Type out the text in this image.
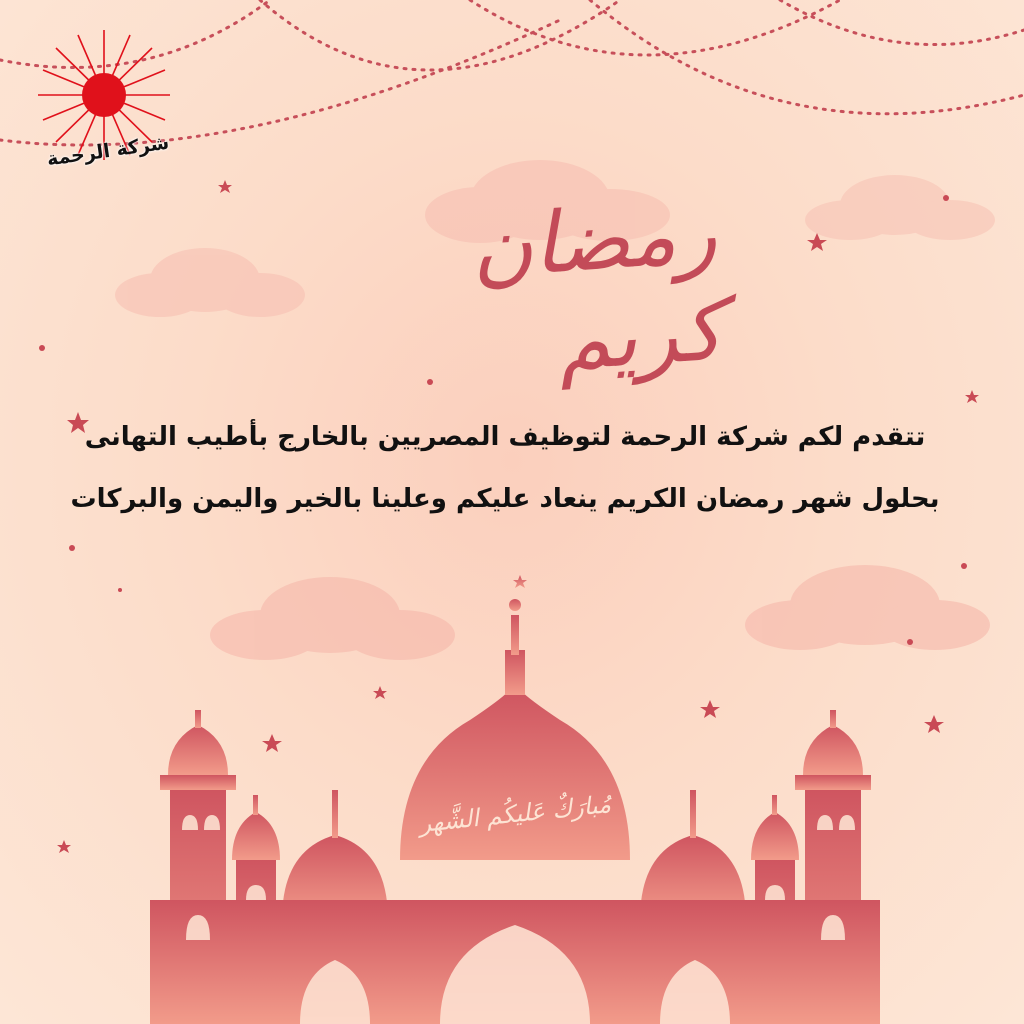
شركة الرحمة
رمضان كريم
تتقدم لكم شركة الرحمة لتوظيف المصريين بالخارج بأطيب التهانى
بحلول شهر رمضان الكريم ينعاد عليكم وعلينا بالخير واليمن والبركات
مُبارَكٌ عَليكُم الشَّهر
